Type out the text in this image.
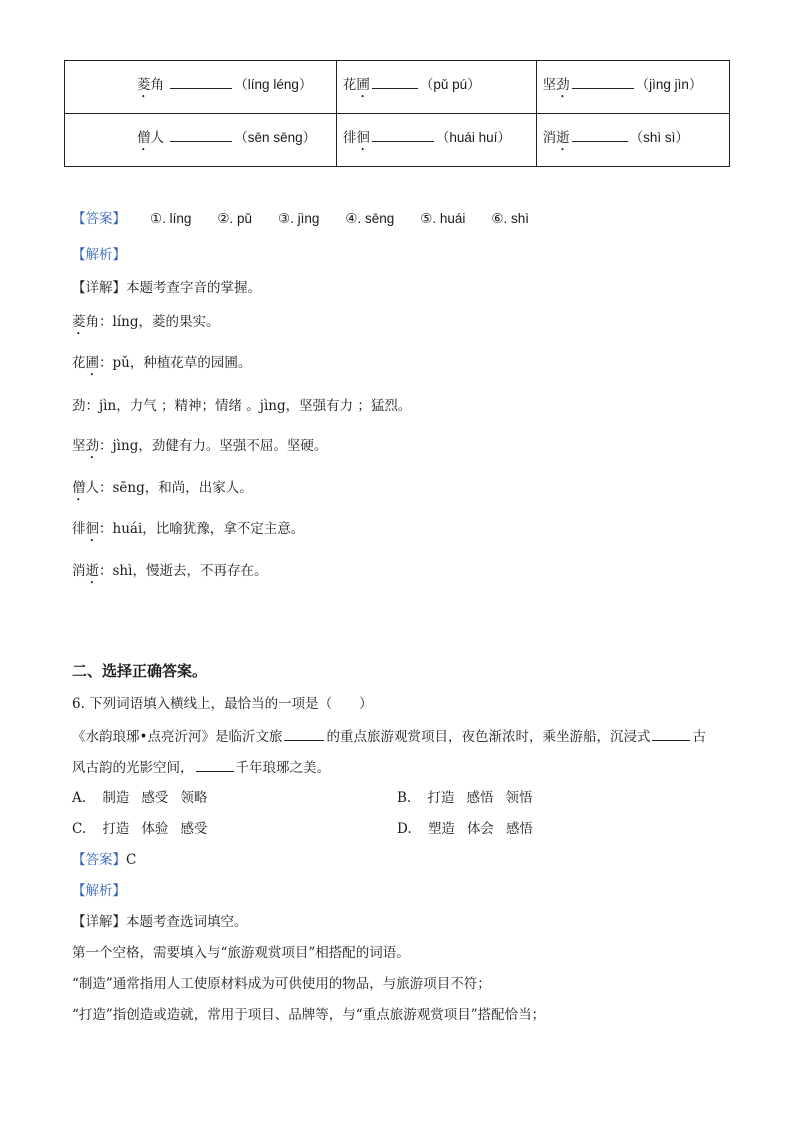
菱角 （líng léng）	花圃 （pǔ pú）	坚劲 （jìng jìn）
僧人 （sēn sēng）	徘徊 （huái huí）	消逝 （shì sì）
【答案】 ①. líng ②. pǔ ③. jìng ④. sēng ⑤. huái ⑥. shì
【解析】
【详解】本题考查字音的掌握。
菱角：líng，菱的果实。
花圃：pǔ，种植花草的园圃。
劲：jìn，力气 ；精神；情绪 。jìng，坚强有力 ；猛烈。
坚劲：jìng，劲健有力。坚强不屈。坚硬。
僧人：sēng，和尚，出家人。
徘徊：huái，比喻犹豫，拿不定主意。
消逝：shì，慢逝去，不再存在。
二、选择正确答案。
6. 下列词语填入横线上，最恰当的一项是（　　）
《水韵琅琊•点亮沂河》是临沂文旅	的重点旅游观赏项目，夜色渐浓时，乘坐游船，沉浸式	古
风古韵的光影空间，	千年琅琊之美。
A. 制造 感受 领略	B. 打造 感悟 领悟
C. 打造 体验 感受	D. 塑造 体会 感悟
【答案】C
【解析】
【详解】本题考查选词填空。
第一个空格，需要填入与“旅游观赏项目”相搭配的词语。
“制造”通常指用人工使原材料成为可供使用的物品，与旅游项目不符；
“打造”指创造或造就，常用于项目、品牌等，与“重点旅游观赏项目”搭配恰当；
